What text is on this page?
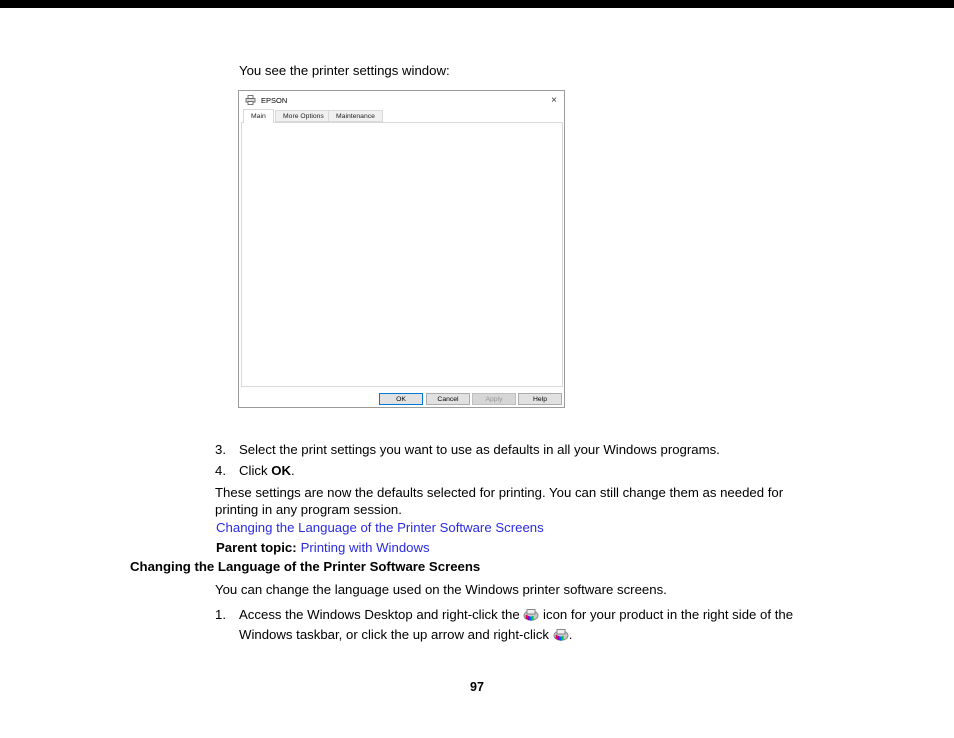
You see the printer settings window:
EPSON	×
Main	More Options	Maintenance
OK	Cancel	Apply	Help
3. Select the print settings you want to use as defaults in all your Windows programs.
4. Click OK.
These settings are now the defaults selected for printing. You can still change them as needed for printing in any program session.
Changing the Language of the Printer Software Screens
Parent topic: Printing with Windows
Changing the Language of the Printer Software Screens
You can change the language used on the Windows printer software screens.
1. Access the Windows Desktop and right-click the  icon for your product in the right side of the Windows taskbar, or click the up arrow and right-click .
97
